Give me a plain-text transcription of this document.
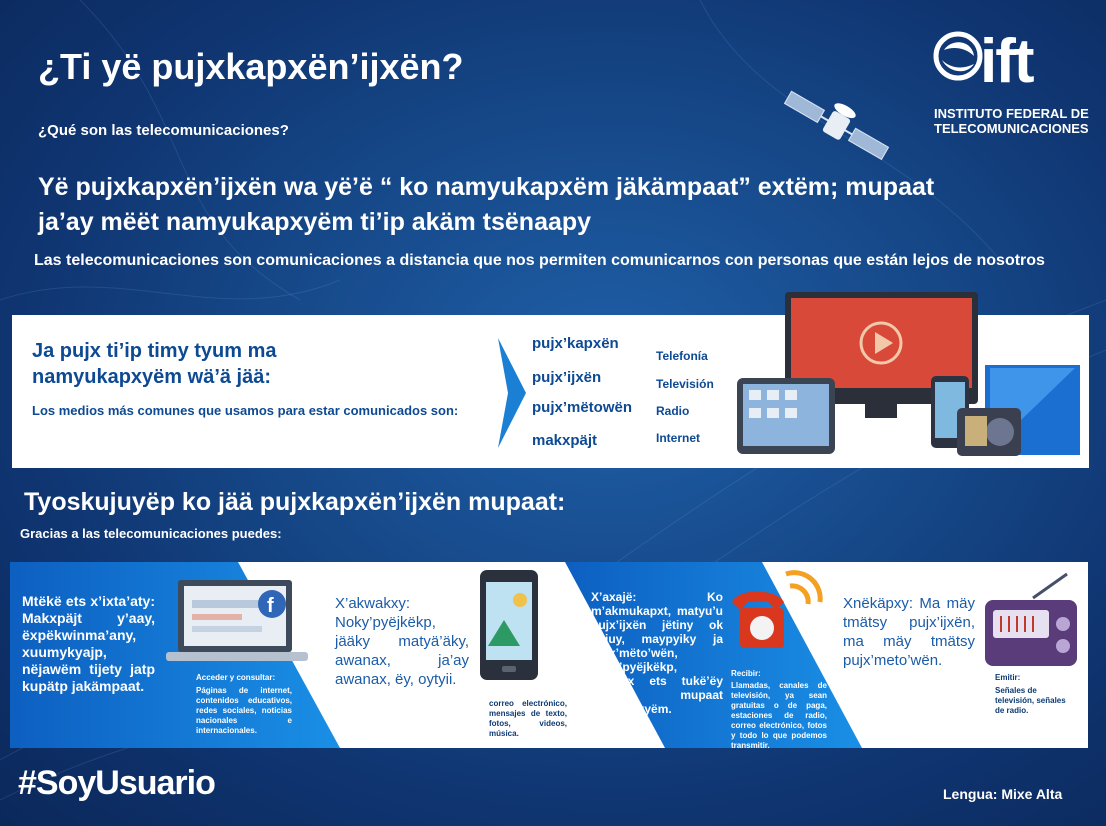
¿Ti yë pujxkapxën’ijxën?
¿Qué son las telecomunicaciones?
Yë pujxkapxën’ijxën wa yë’ë “ ko namyukapxëm jäkämpaat” extëm; mupaat ja’ay mëët namyukapxyëm ti’ip akäm tsënaapy
Las telecomunicaciones son comunicaciones a distancia que nos permiten comunicarnos con personas que están lejos de nosotros
ift
INSTITUTO FEDERAL DE
TELECOMUNICACIONES
Ja pujx ti’ip timy tyum ma namyukapxyëm wä’ä jää:
Los medios más comunes que usamos para estar comunicados son:
pujx’kapxën
pujx’ijxën
pujx’mëtowën
makxpäjt
Telefonía
Televisión
Radio
Internet
Tyoskujuyëp ko jää pujxkapxën’ijxën mupaat:
Gracias a las telecomunicaciones puedes:
Mtëkë ets x’ixta’aty: Makxpäjt y’aay, ëxpëkwinma’any, xuumykyajp, nëjawëm tijety jatp kupätp jakämpaat.
f
Acceder y consultar:
Páginas de internet, contenidos educativos, redes sociales, noticias nacionales e internacionales.
X’akwakxy: Noky’pyëjkëkp, jääky matyä’äky, awanax, ja’ay awanax, ëy, oytyii.
Transmitir:
correo electrónico, mensajes de texto, fotos, videos, música.
X’axajë: Ko m’akmukapxt, matyu’u pujx’ijxën jëtiny ok kujuy, maypyiky ja pujx’mëto’wën, noky’pyëjkëkp, awanax ets tukë’ëy ti’ip mupaat n’akwakxyëm.
Recibir:
Llamadas, canales de televisión, ya sean gratuitas o de paga, estaciones de radio, correo electrónico, fotos y todo lo que podemos transmitir.
Xnëkäpxy: Ma mäy tmätsy pujx’ijxën, ma mäy tmätsy pujx’meto’wën.
Emitir:
Señales de televisión, señales de radio.
#SoyUsuario	Lengua: Mixe Alta
